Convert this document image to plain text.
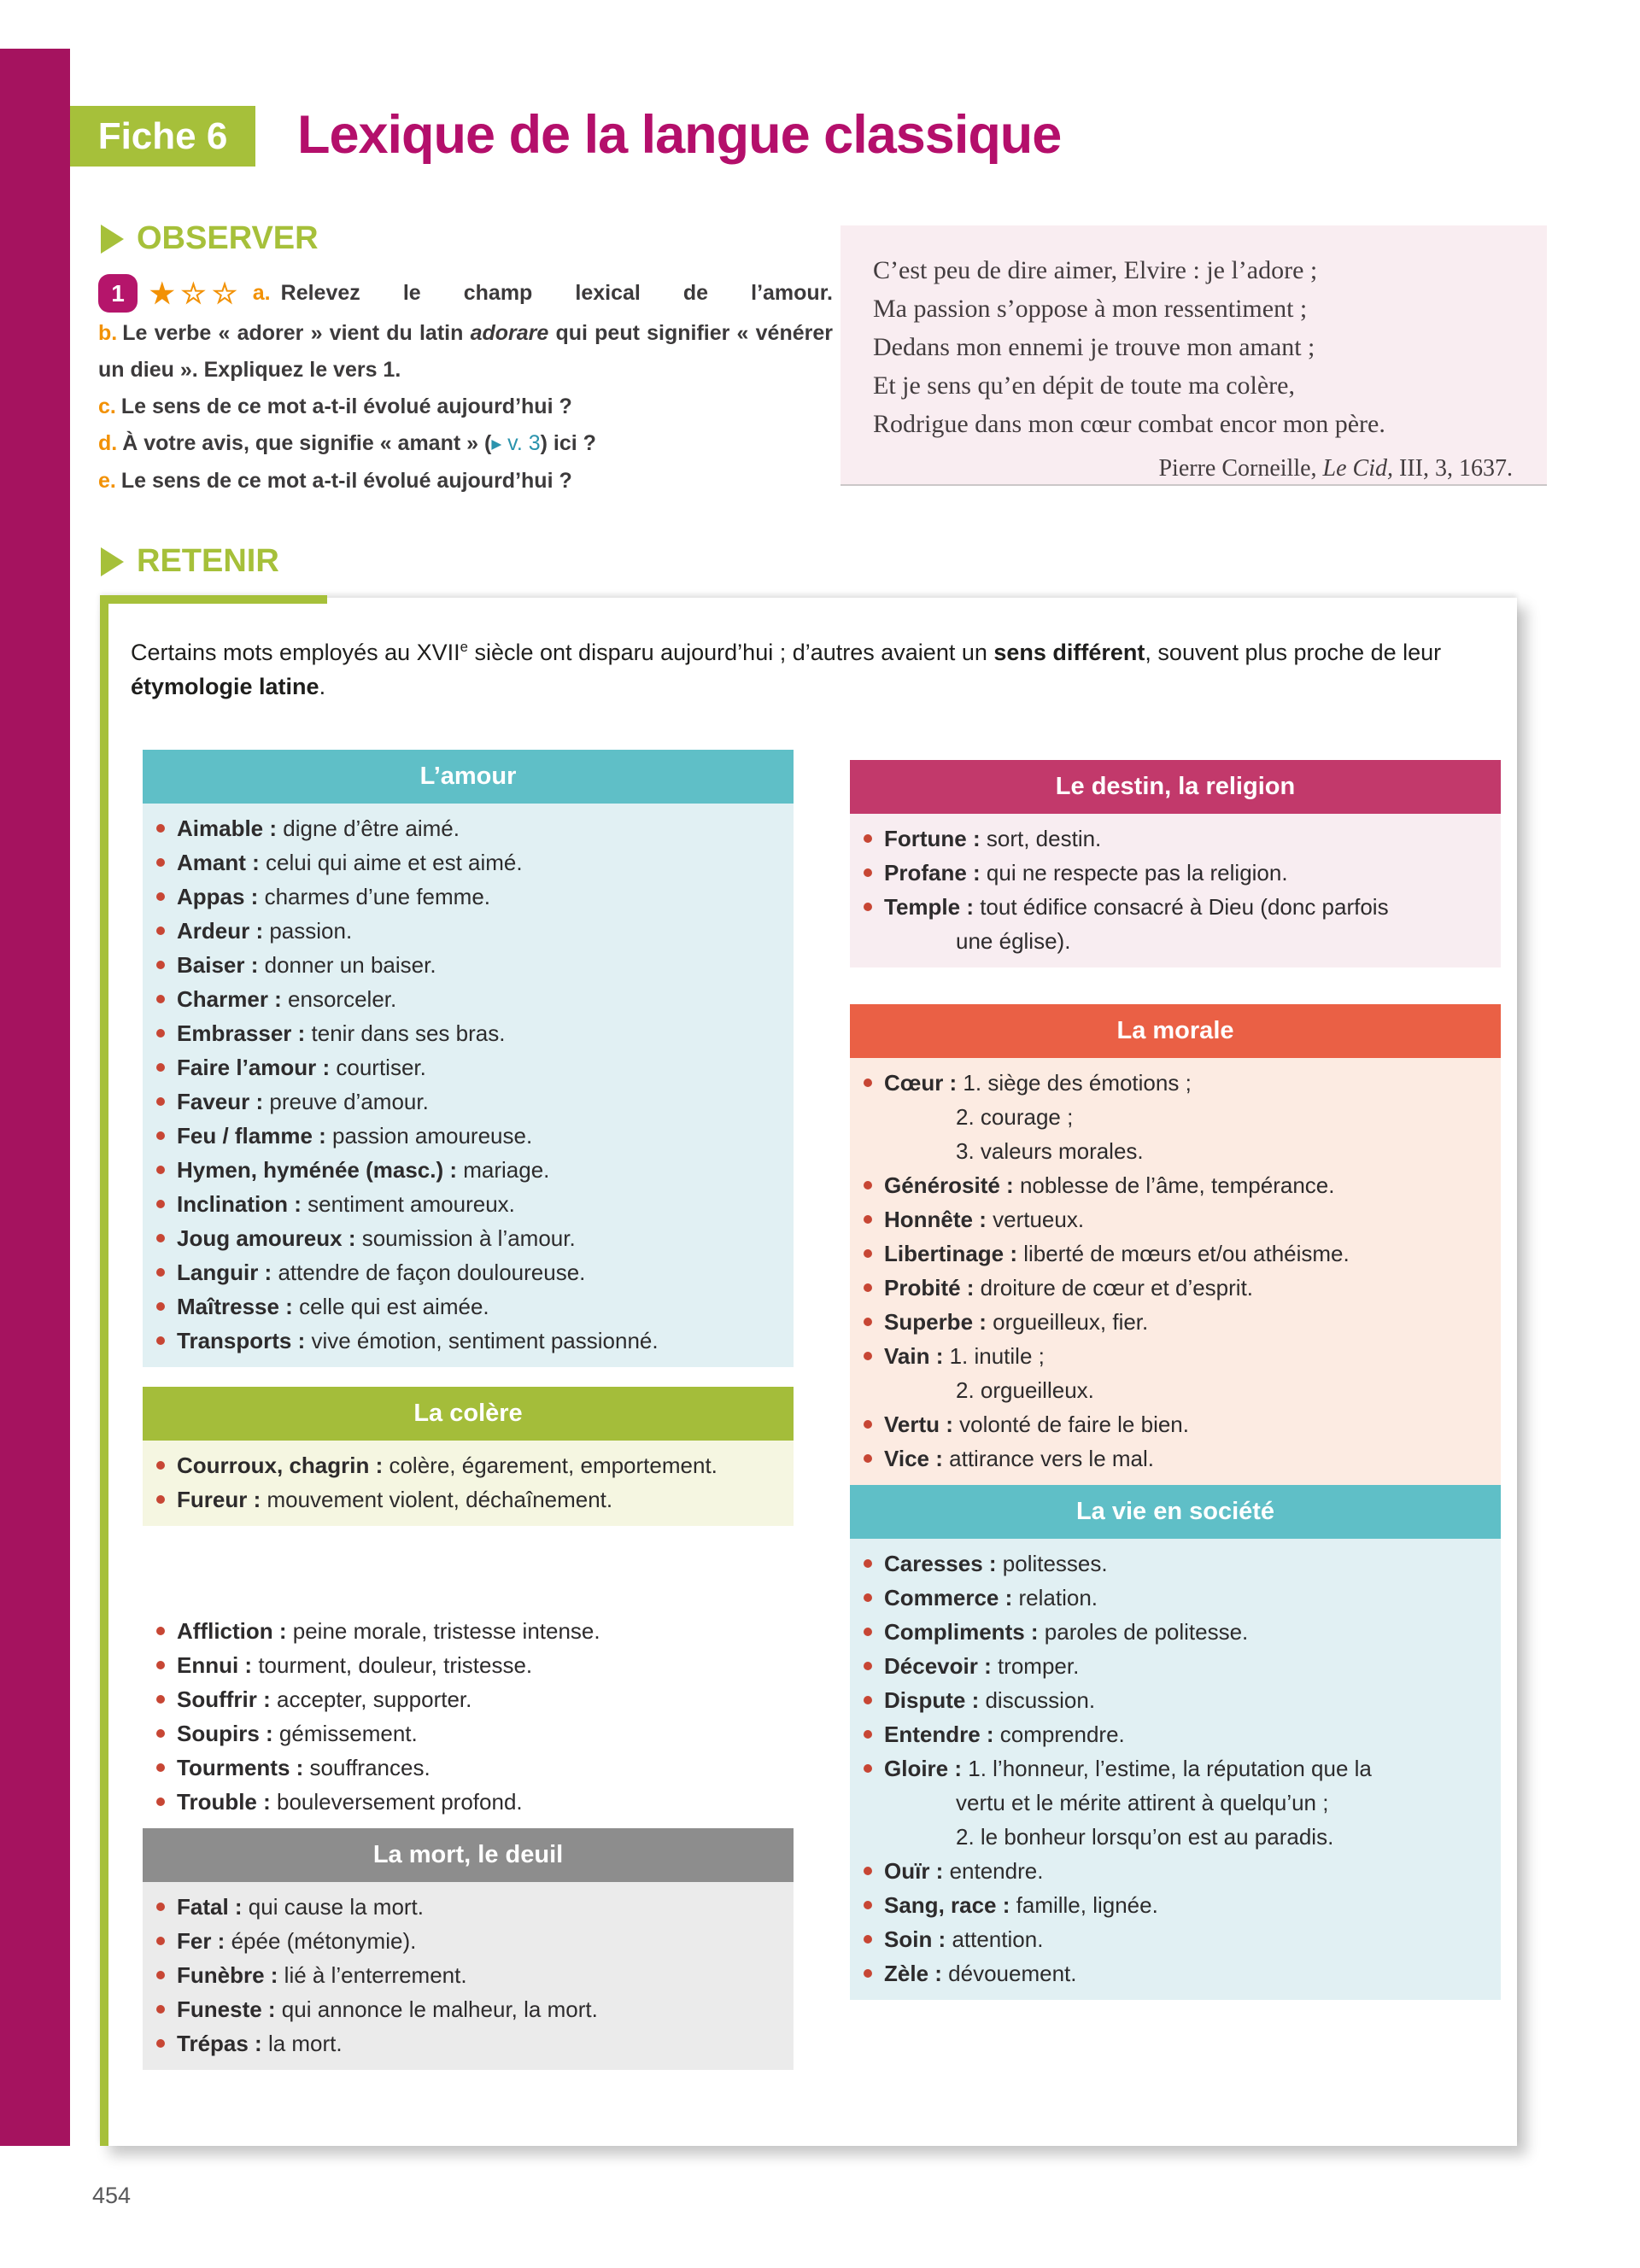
Fiche 6 Lexique de la langue classique
OBSERVER
1 ★ ☆ ☆ a. Relevez le champ lexical de l’amour.

b. Le verbe « adorer » vient du latin adorare qui peut signifier « vénérer un dieu ». Expliquez le vers 1.

c. Le sens de ce mot a-t-il évolué aujourd’hui ?

d. À votre avis, que signifie « amant » (▶ v. 3) ici ?

e. Le sens de ce mot a-t-il évolué aujourd’hui ?

C’est peu de dire aimer, Elvire : je l’adore ;
Ma passion s’oppose à mon ressentiment ;
Dedans mon ennemi je trouve mon amant ;
Et je sens qu’en dépit de toute ma colère,
Rodrigue dans mon cœur combat encor mon père.
Pierre Corneille, Le Cid, III, 3, 1637.
RETENIR
Certains mots employés au XVIIe siècle ont disparu aujourd’hui ; d’autres avaient un sens différent, souvent plus proche de leur étymologie latine.
L’amour
Aimable : digne d’être aimé.
Amant : celui qui aime et est aimé.
Appas : charmes d’une femme.
Ardeur : passion.
Baiser : donner un baiser.
Charmer : ensorceler.
Embrasser : tenir dans ses bras.
Faire l’amour : courtiser.
Faveur : preuve d’amour.
Feu / flamme : passion amoureuse.
Hymen, hyménée (masc.) : mariage.
Inclination : sentiment amoureux.
Joug amoureux : soumission à l’amour.
Languir : attendre de façon douloureuse.
Maîtresse : celle qui est aimée.
Transports : vive émotion, sentiment passionné.
La colère
Courroux, chagrin : colère, égarement, emportement.
Fureur : mouvement violent, déchaînement.
La tristesse
Affliction : peine morale, tristesse intense.
Ennui : tourment, douleur, tristesse.
Souffrir : accepter, supporter.
Soupirs : gémissement.
Tourments : souffrances.
Trouble : bouleversement profond.
La mort, le deuil
Fatal : qui cause la mort.
Fer : épée (métonymie).
Funèbre : lié à l’enterrement.
Funeste : qui annonce le malheur, la mort.
Trépas : la mort.
Le destin, la religion
Fortune : sort, destin.
Profane : qui ne respecte pas la religion.
Temple : tout édifice consacré à Dieu (donc parfois
une église).
La morale
Cœur : 1. siège des émotions ;
2. courage ;
3. valeurs morales.
Générosité : noblesse de l’âme, tempérance.
Honnête : vertueux.
Libertinage : liberté de mœurs et/ou athéisme.
Probité : droiture de cœur et d’esprit.
Superbe : orgueilleux, fier.
Vain : 1. inutile ;
2. orgueilleux.
Vertu : volonté de faire le bien.
Vice : attirance vers le mal.
La vie en société
Caresses : politesses.
Commerce : relation.
Compliments : paroles de politesse.
Décevoir : tromper.
Dispute : discussion.
Entendre : comprendre.
Gloire : 1. l’honneur, l’estime, la réputation que la
vertu et le mérite attirent à quelqu’un ;
2. le bonheur lorsqu’on est au paradis.
Ouïr : entendre.
Sang, race : famille, lignée.
Soin : attention.
Zèle : dévouement.
454
